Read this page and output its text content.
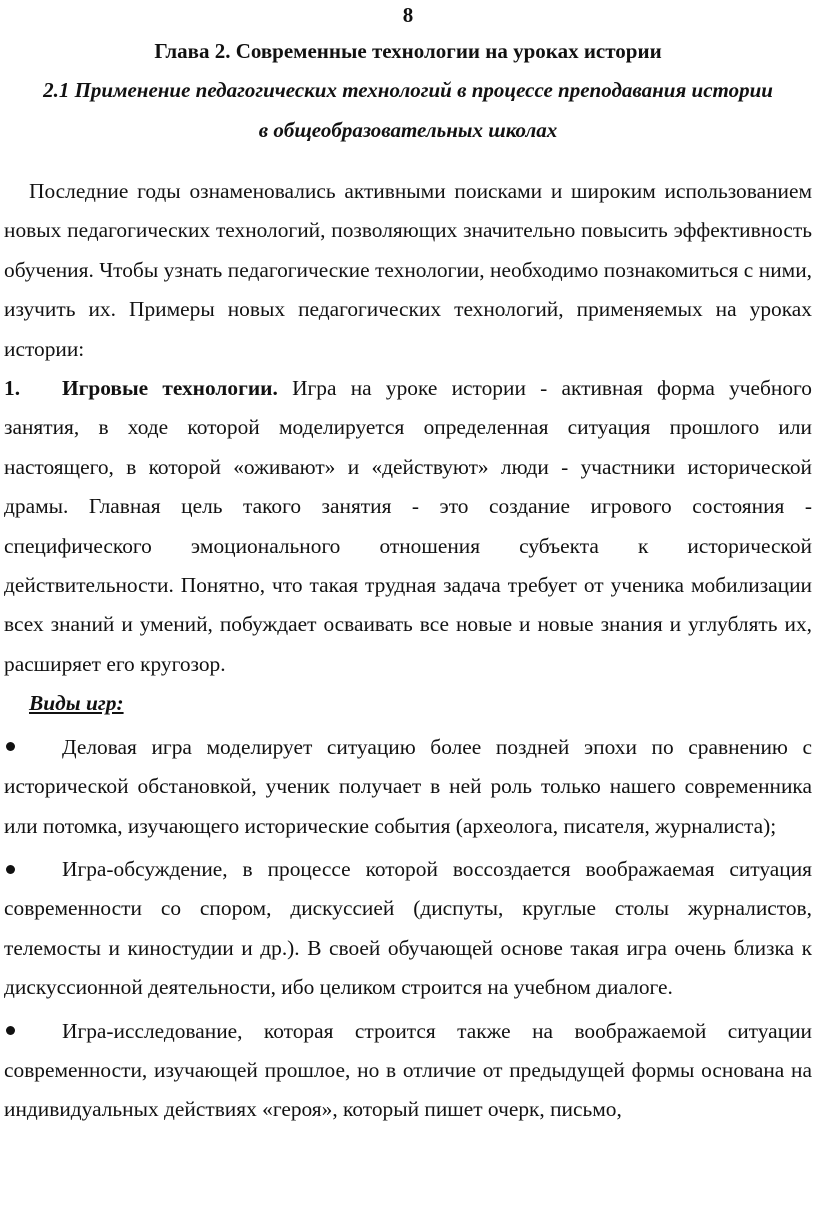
8
Глава 2. Современные технологии на уроках истории
2.1 Применение педагогических технологий в процессе преподавания истории
в общеобразовательных школах

Последние годы ознаменовались активными поисками и широким использованием новых педагогических технологий, позволяющих значительно повысить эффективность обучения. Чтобы узнать педагогические технологии, необходимо познакомиться с ними, изучить их. Примеры новых педагогических технологий, применяемых на уроках истории:

1. Игровые технологии. Игра на уроке истории - активная форма учебного занятия, в ходе которой моделируется определенная ситуация прошлого или настоящего, в которой «оживают» и «действуют» люди - участники исторической драмы. Главная цель такого занятия - это создание игрового состояния - специфического эмоционального отношения субъекта к исторической действительности. Понятно, что такая трудная задача требует от ученика мобилизации всех знаний и умений, побуждает осваивать все новые и новые знания и углублять их, расширяет его кругозор.

Виды игр:

Деловая игра моделирует ситуацию более поздней эпохи по сравнению с исторической обстановкой, ученик получает в ней роль только нашего современника или потомка, изучающего исторические события (археолога, писателя, журналиста);

Игра-обсуждение, в процессе которой воссоздается воображаемая ситуация современности со спором, дискуссией (диспуты, круглые столы журналистов, телемосты и киностудии и др.). В своей обучающей основе такая игра очень близка к дискуссионной деятельности, ибо целиком строится на учебном диалоге.

Игра-исследование, которая строится также на воображаемой ситуации современности, изучающей прошлое, но в отличие от предыдущей формы основана на индивидуальных действиях «героя», который пишет очерк, письмо,
